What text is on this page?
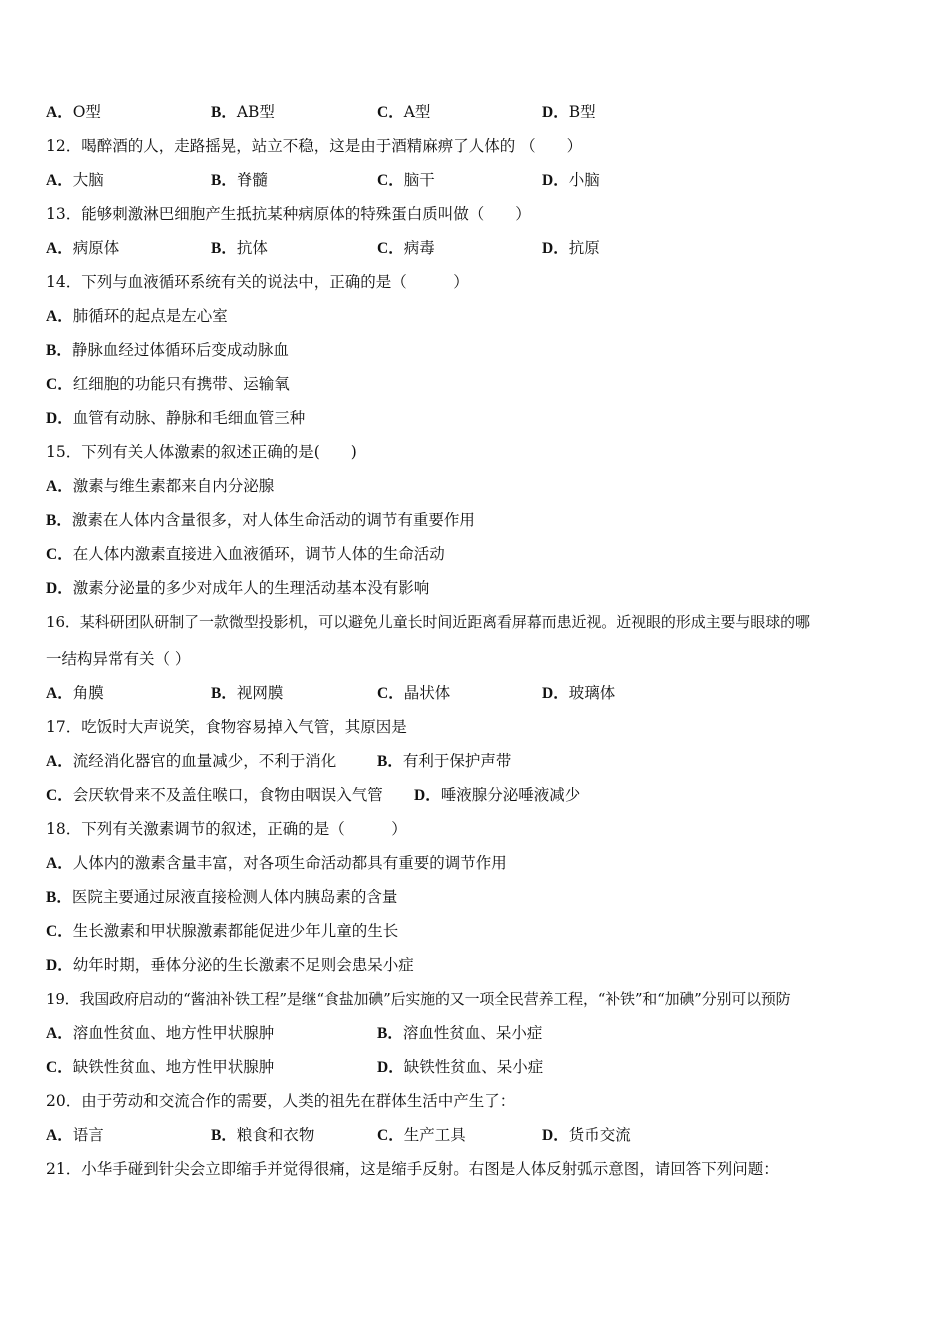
A．O型	B．AB型	C．A型	D．B型
12．喝醉酒的人，走路摇晃，站立不稳，这是由于酒精麻痹了人体的 （　　）
A．大脑	B．脊髓	C．脑干	D．小脑
13．能够刺激淋巴细胞产生抵抗某种病原体的特殊蛋白质叫做（　　）
A．病原体	B．抗体	C．病毒	D．抗原
14．下列与血液循环系统有关的说法中，正确的是（　　　）
A．肺循环的起点是左心室
B．静脉血经过体循环后变成动脉血
C．红细胞的功能只有携带、运输氧
D．血管有动脉、静脉和毛细血管三种
15．下列有关人体激素的叙述正确的是(　　)
A．激素与维生素都来自内分泌腺
B．激素在人体内含量很多，对人体生命活动的调节有重要作用
C．在人体内激素直接进入血液循环，调节人体的生命活动
D．激素分泌量的多少对成年人的生理活动基本没有影响
16．某科研团队研制了一款微型投影机，可以避免儿童长时间近距离看屏幕而患近视。近视眼的形成主要与眼球的哪
一结构异常有关（ ）
A．角膜	B．视网膜	C．晶状体	D．玻璃体
17．吃饭时大声说笑，食物容易掉入气管，其原因是
A．流经消化器官的血量减少，不利于消化	B．有利于保护声带
C．会厌软骨来不及盖住喉口，食物由咽误入气管 D．唾液腺分泌唾液减少
18．下列有关激素调节的叙述，正确的是（　　　）
A．人体内的激素含量丰富，对各项生命活动都具有重要的调节作用
B．医院主要通过尿液直接检测人体内胰岛素的含量
C．生长激素和甲状腺激素都能促进少年儿童的生长
D．幼年时期，垂体分泌的生长激素不足则会患呆小症
19．我国政府启动的“酱油补铁工程”是继“食盐加碘”后实施的又一项全民营养工程，“补铁”和“加碘”分别可以预防
A．溶血性贫血、地方性甲状腺肿	B．溶血性贫血、呆小症
C．缺铁性贫血、地方性甲状腺肿	D．缺铁性贫血、呆小症
20．由于劳动和交流合作的需要，人类的祖先在群体生活中产生了：
A．语言	B．粮食和衣物	C．生产工具	D．货币交流
21．小华手碰到针尖会立即缩手并觉得很痛，这是缩手反射。右图是人体反射弧示意图，请回答下列问题：
